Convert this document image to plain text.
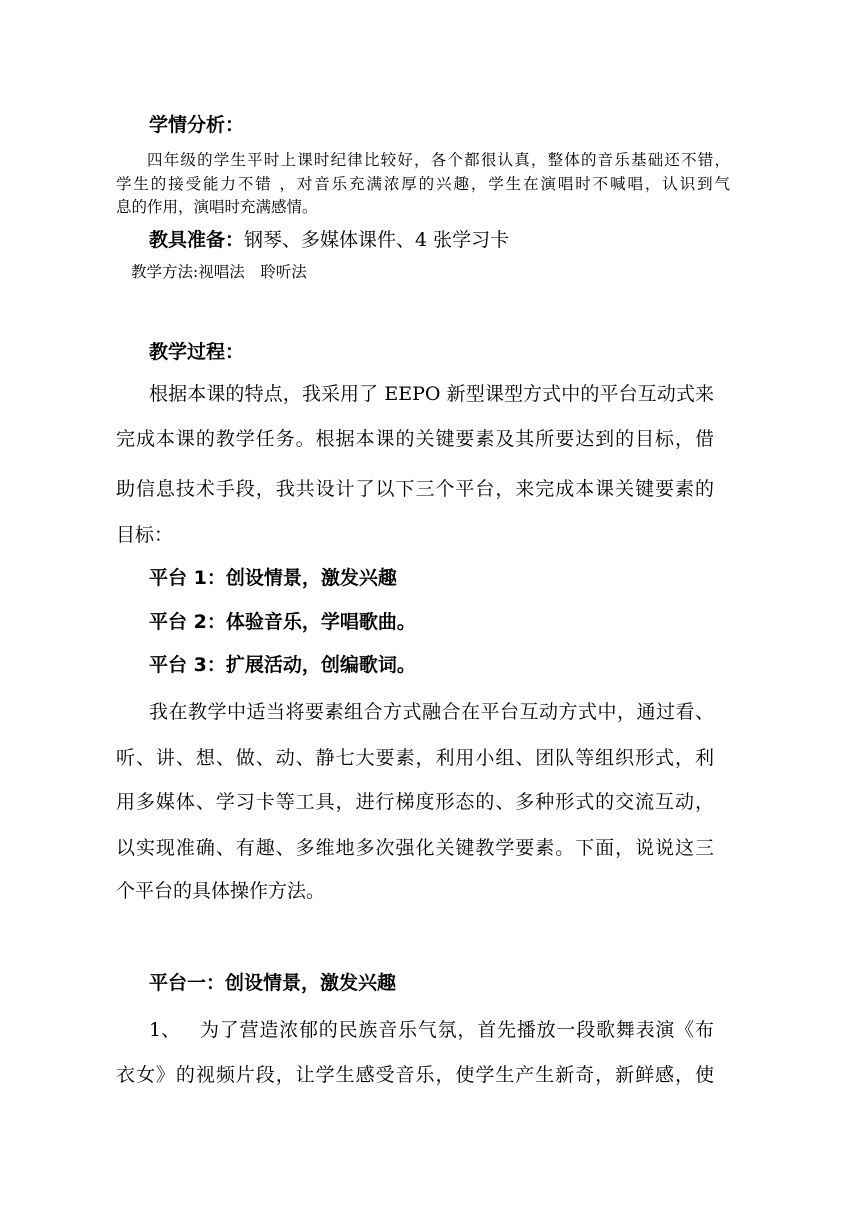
学情分析：
四年级的学生平时上课时纪律比较好，各个都很认真，整体的音乐基础还不错，
学生的接受能力不错 ，对音乐充满浓厚的兴趣，学生在演唱时不喊唱，认识到气
息的作用，演唱时充满感情。
教具准备：钢琴、多媒体课件、4 张学习卡
教学方法:视唱法　聆听法
教学过程：
根据本课的特点，我采用了 EEPO 新型课型方式中的平台互动式来
完成本课的教学任务。根据本课的关键要素及其所要达到的目标，借
助信息技术手段，我共设计了以下三个平台，来完成本课关键要素的
目标：
平台 1：创设情景，激发兴趣
平台 2：体验音乐，学唱歌曲。
平台 3：扩展活动，创编歌词。
我在教学中适当将要素组合方式融合在平台互动方式中，通过看、
听、讲、想、做、动、静七大要素，利用小组、团队等组织形式，利
用多媒体、学习卡等工具，进行梯度形态的、多种形式的交流互动，
以实现准确、有趣、多维地多次强化关键教学要素。下面，说说这三
个平台的具体操作方法。
平台一：创设情景，激发兴趣
1、 为了营造浓郁的民族音乐气氛，首先播放一段歌舞表演《布
衣女》的视频片段，让学生感受音乐，使学生产生新奇，新鲜感，使
